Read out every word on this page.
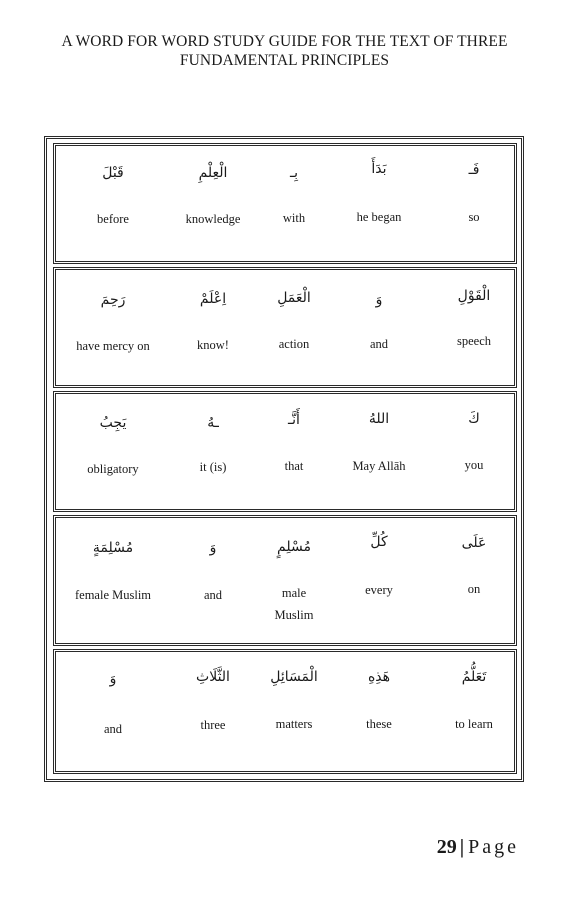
A WORD FOR WORD STUDY GUIDE FOR THE TEXT OF THREE
FUNDAMENTAL PRINCIPLES
قَبْلَ
before
الْعِلْمِ
knowledge
بِـ
with
بَدَأَ
he began
فَـ
so
رَحِمَ
have mercy on
اِعْلَمْ
know!
الْعَمَلِ
action
وَ
and
الْقَوْلِ
speech
يَجِبُ
obligatory
ـهُ
it (is)
أَنَّـ
that
اللهُ
May Allāh
كَ
you
مُسْلِمَةٍ
female Muslim
وَ
and
مُسْلِمٍ
male Muslim
كُلِّ
every
عَلَى
on
وَ
and
الثَّلَاثِ
three
الْمَسَائِلِ
matters
هَذِهِ
these
تَعَلُّمُ
to learn
29 | Page
